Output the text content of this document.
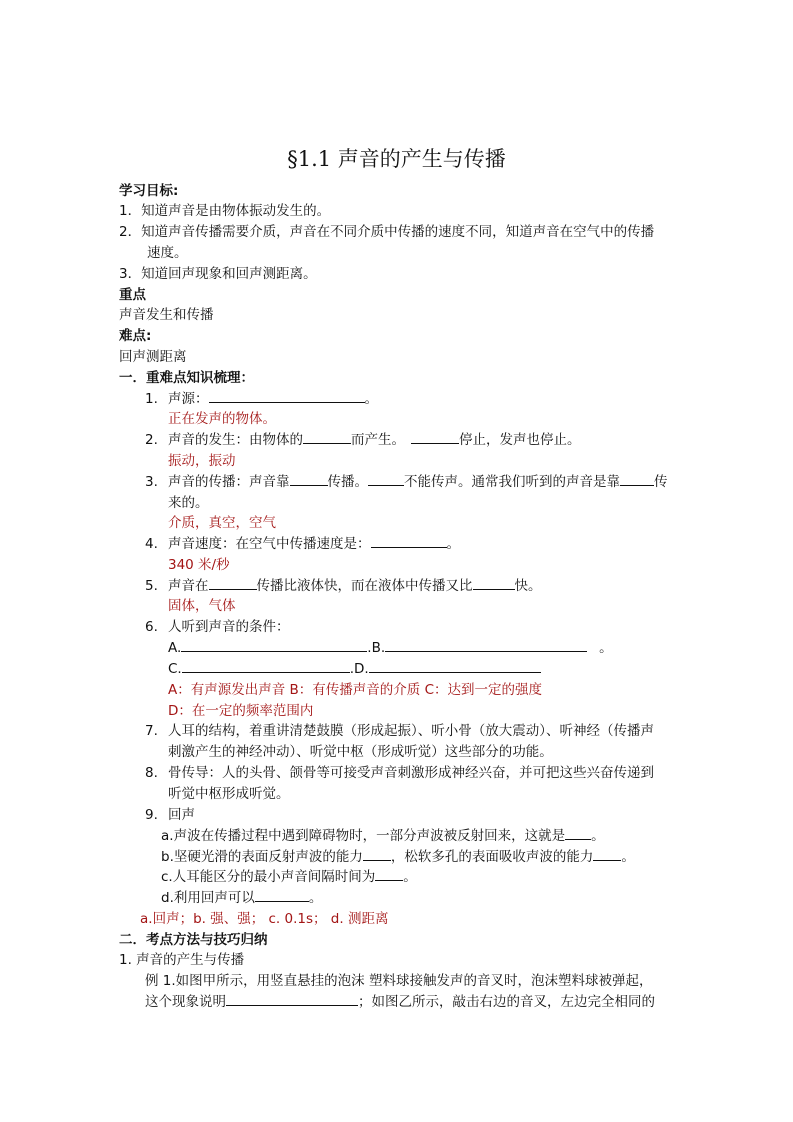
§1.1 声音的产生与传播
学习目标:
1．知道声音是由物体振动发生的。
2．知道声音传播需要介质，声音在不同介质中传播的速度不同，知道声音在空气中的传播
速度。
3．知道回声现象和回声测距离。
重点
声音发生和传播
难点:
回声测距离
一．重难点知识梳理：
1. 声源：	。
正在发声的物体。
2. 声音的发生：由物体的	而产生。	停止，发声也停止。
振动，振动
3. 声音的传播：声音靠	传播。	不能传声。通常我们听到的声音是靠	传
来的。
介质，真空，空气
4. 声音速度：在空气中传播速度是：	。
340 米/秒
5. 声音在	传播比液体快，而在液体中传播又比	快。
固体，气体
6. 人听到声音的条件：
A.	.B.	。
C.	.D.
A：有声源发出声音 B：有传播声音的介质 C：达到一定的强度
D：在一定的频率范围内
7. 人耳的结构，着重讲清楚鼓膜（形成起振）、听小骨（放大震动）、听神经（传播声
刺激产生的神经冲动）、听觉中枢（形成听觉）这些部分的功能。
8. 骨传导：人的头骨、颌骨等可接受声音刺激形成神经兴奋，并可把这些兴奋传递到
听觉中枢形成听觉。
9. 回声
a.声波在传播过程中遇到障碍物时，一部分声波被反射回来，这就是 。
b.坚硬光滑的表面反射声波的能力 ，松软多孔的表面吸收声波的能力 。
c.人耳能区分的最小声音间隔时间为 。
d.利用回声可以	。
a.回声；b. 强、强； c. 0.1s； d. 测距离
二．考点方法与技巧归纳
1. 声音的产生与传播
例 1.如图甲所示，用竖直悬挂的泡沫 塑料球接触发声的音叉时，泡沫塑料球被弹起，
这个现象说明	；如图乙所示，敲击右边的音叉，左边完全相同的
